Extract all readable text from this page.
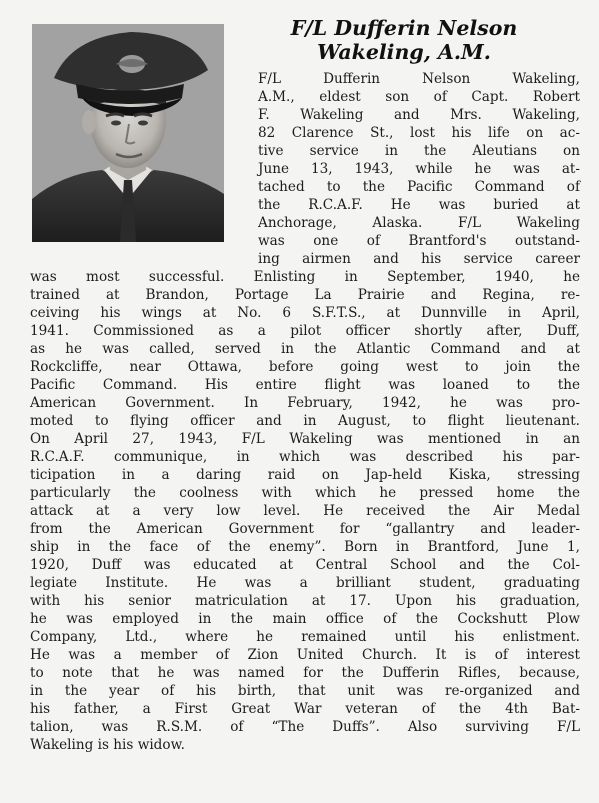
F/L Dufferin Nelson
Wakeling, A.M.
F/L Dufferin Nelson Wakeling,
A.M., eldest son of Capt. Robert
F. Wakeling and Mrs. Wakeling,
82 Clarence St., lost his life on ac-
tive service in the Aleutians on
June 13, 1943, while he was at-
tached to the Pacific Command of
the R.C.A.F. He was buried at
Anchorage, Alaska. F/L Wakeling
was one of Brantford's outstand-
ing airmen and his service career
was most successful. Enlisting in September, 1940, he
trained at Brandon, Portage La Prairie and Regina, re-
ceiving his wings at No. 6 S.F.T.S., at Dunnville in April,
1941. Commissioned as a pilot officer shortly after, Duff,
as he was called, served in the Atlantic Command and at
Rockcliffe, near Ottawa, before going west to join the
Pacific Command. His entire flight was loaned to the
American Government. In February, 1942, he was pro-
moted to flying officer and in August, to flight lieutenant.
On April 27, 1943, F/L Wakeling was mentioned in an
R.C.A.F. communique, in which was described his par-
ticipation in a daring raid on Jap-held Kiska, stressing
particularly the coolness with which he pressed home the
attack at a very low level. He received the Air Medal
from the American Government for “gallantry and leader-
ship in the face of the enemy”. Born in Brantford, June 1,
1920, Duff was educated at Central School and the Col-
legiate Institute. He was a brilliant student, graduating
with his senior matriculation at 17. Upon his graduation,
he was employed in the main office of the Cockshutt Plow
Company, Ltd., where he remained until his enlistment.
He was a member of Zion United Church. It is of interest
to note that he was named for the Dufferin Rifles, because,
in the year of his birth, that unit was re-organized and
his father, a First Great War veteran of the 4th Bat-
talion, was R.S.M. of “The Duffs”. Also surviving F/L
Wakeling is his widow.
